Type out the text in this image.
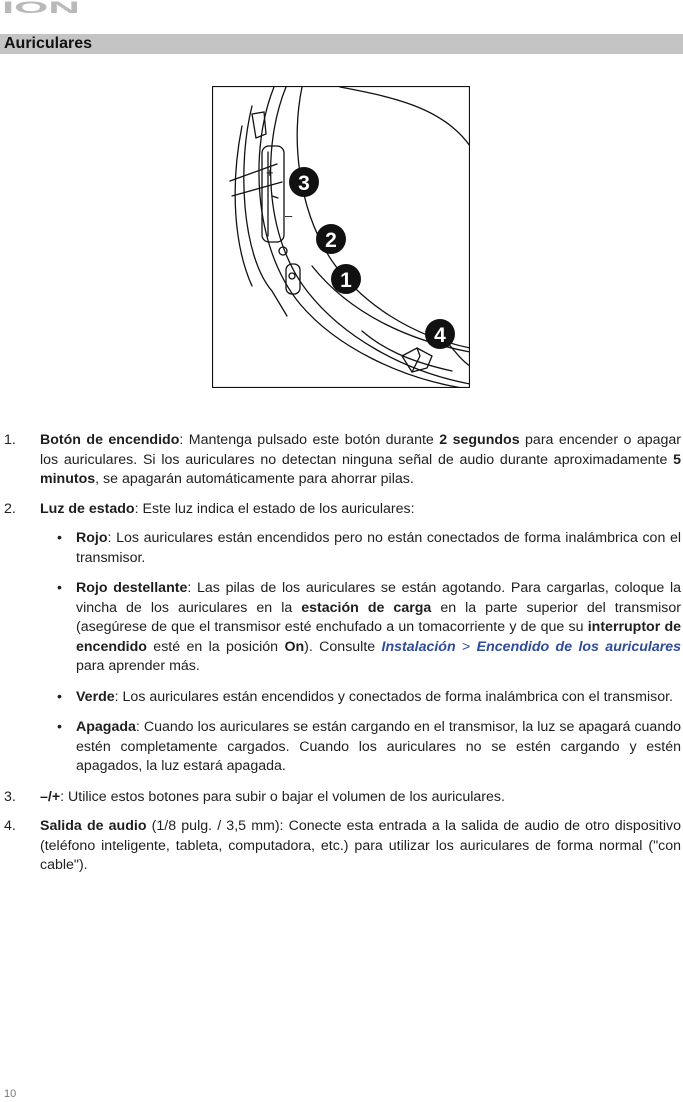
ION
Auriculares
+
–
3
2
1
4
1. Botón de encendido: Mantenga pulsado este botón durante 2 segundos para encender o apagar los auriculares. Si los auriculares no detectan ninguna señal de audio durante aproximadamente 5 minutos, se apagarán automáticamente para ahorrar pilas.
2. Luz de estado: Este luz indica el estado de los auriculares:
• Rojo: Los auriculares están encendidos pero no están conectados de forma inalámbrica con el transmisor.
• Rojo destellante: Las pilas de los auriculares se están agotando. Para cargarlas, coloque la vincha de los auriculares en la estación de carga en la parte superior del transmisor (asegúrese de que el transmisor esté enchufado a un tomacorriente y de que su interruptor de encendido esté en la posición On). Consulte Instalación > Encendido de los auriculares para aprender más.
• Verde: Los auriculares están encendidos y conectados de forma inalámbrica con el transmisor.
• Apagada: Cuando los auriculares se están cargando en el transmisor, la luz se apagará cuando estén completamente cargados. Cuando los auriculares no se estén cargando y estén apagados, la luz estará apagada.
3. –/+: Utilice estos botones para subir o bajar el volumen de los auriculares.
4. Salida de audio (1/8 pulg. / 3,5 mm): Conecte esta entrada a la salida de audio de otro dispositivo (teléfono inteligente, tableta, computadora, etc.) para utilizar los auriculares de forma normal ("con cable").
10
